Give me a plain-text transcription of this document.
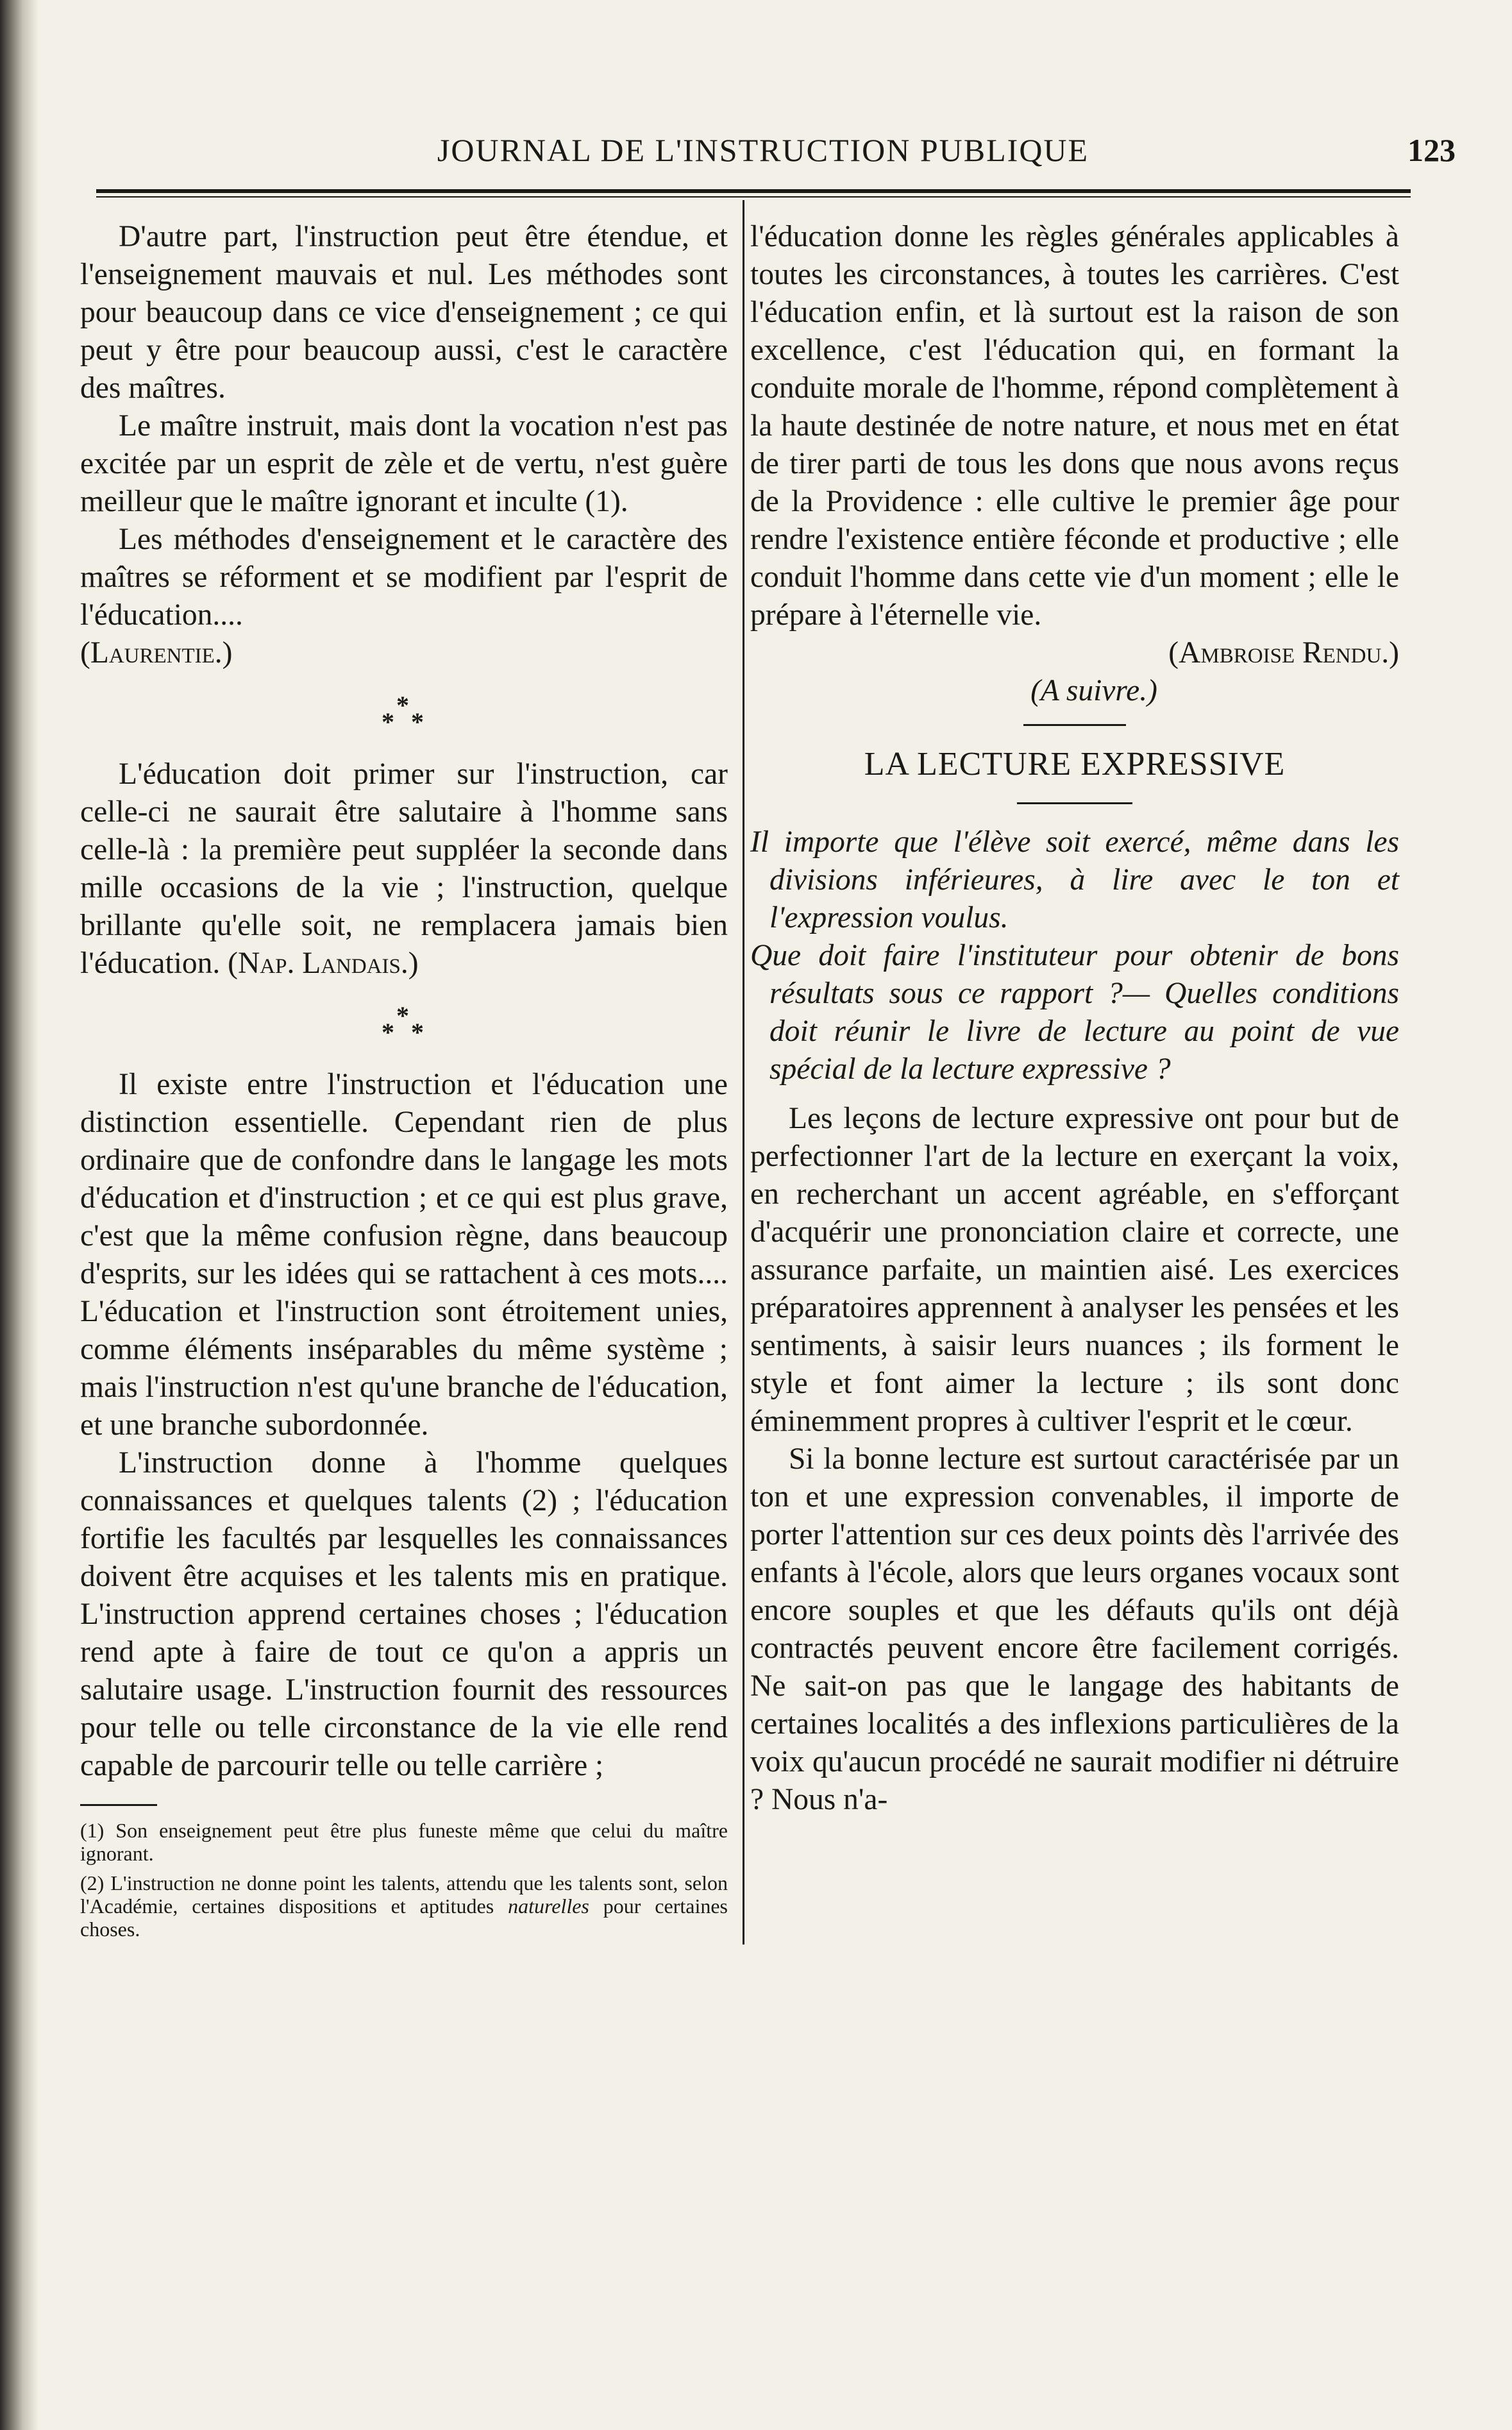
JOURNAL DE L'INSTRUCTION PUBLIQUE	123

D'autre part, l'instruction peut être étendue, et l'enseignement mauvais et nul. Les méthodes sont pour beaucoup dans ce vice d'enseignement ; ce qui peut y être pour beaucoup aussi, c'est le caractère des maîtres.

Le maître instruit, mais dont la vocation n'est pas excitée par un esprit de zèle et de vertu, n'est guère meilleur que le maître ignorant et inculte (1).

Les méthodes d'enseignement et le caractère des maîtres se réforment et se modifient par l'esprit de l'éducation....
(Laurentie.)

*
* *

L'éducation doit primer sur l'instruction, car celle-ci ne saurait être salutaire à l'homme sans celle-là : la première peut suppléer la seconde dans mille occasions de la vie ; l'instruction, quelque brillante qu'elle soit, ne remplacera jamais bien l'éducation. (Nap. Landais.)

*
* *

Il existe entre l'instruction et l'éducation une distinction essentielle. Cependant rien de plus ordinaire que de confondre dans le langage les mots d'éducation et d'instruction ; et ce qui est plus grave, c'est que la même confusion règne, dans beaucoup d'esprits, sur les idées qui se rattachent à ces mots.... L'éducation et l'instruction sont étroitement unies, comme éléments inséparables du même système ; mais l'instruction n'est qu'une branche de l'éducation, et une branche subordonnée.

L'instruction donne à l'homme quelques connaissances et quelques talents (2) ; l'éducation fortifie les facultés par lesquelles les connaissances doivent être acquises et les talents mis en pratique. L'instruction apprend certaines choses ; l'éducation rend apte à faire de tout ce qu'on a appris un salutaire usage. L'instruction fournit des ressources pour telle ou telle circonstance de la vie elle rend capable de parcourir telle ou telle carrière ;

(1) Son enseignement peut être plus funeste même que celui du maître ignorant.

(2) L'instruction ne donne point les talents, attendu que les talents sont, selon l'Académie, certaines dispositions et aptitudes naturelles pour certaines choses.

l'éducation donne les règles générales applicables à toutes les circonstances, à toutes les carrières. C'est l'éducation enfin, et là surtout est la raison de son excellence, c'est l'éducation qui, en formant la conduite morale de l'homme, répond complètement à la haute destinée de notre nature, et nous met en état de tirer parti de tous les dons que nous avons reçus de la Providence : elle cultive le premier âge pour rendre l'existence entière féconde et productive ; elle conduit l'homme dans cette vie d'un moment ; elle le prépare à l'éternelle vie.

(Ambroise Rendu.)

(A suivre.)

LA LECTURE EXPRESSIVE

Il importe que l'élève soit exercé, même dans les divisions inférieures, à lire avec le ton et l'expression voulus.

Que doit faire l'instituteur pour obtenir de bons résultats sous ce rapport ?— Quelles conditions doit réunir le livre de lecture au point de vue spécial de la lecture expressive ?

Les leçons de lecture expressive ont pour but de perfectionner l'art de la lecture en exerçant la voix, en recherchant un accent agréable, en s'efforçant d'acquérir une prononciation claire et correcte, une assurance parfaite, un maintien aisé. Les exercices préparatoires apprennent à analyser les pensées et les sentiments, à saisir leurs nuances ; ils forment le style et font aimer la lecture ; ils sont donc éminemment propres à cultiver l'esprit et le cœur.

Si la bonne lecture est surtout caractérisée par un ton et une expression convenables, il importe de porter l'attention sur ces deux points dès l'arrivée des enfants à l'école, alors que leurs organes vocaux sont encore souples et que les défauts qu'ils ont déjà contractés peuvent encore être facilement corrigés. Ne sait-on pas que le langage des habitants de certaines localités a des inflexions particulières de la voix qu'aucun procédé ne saurait modifier ni détruire ? Nous n'a-
